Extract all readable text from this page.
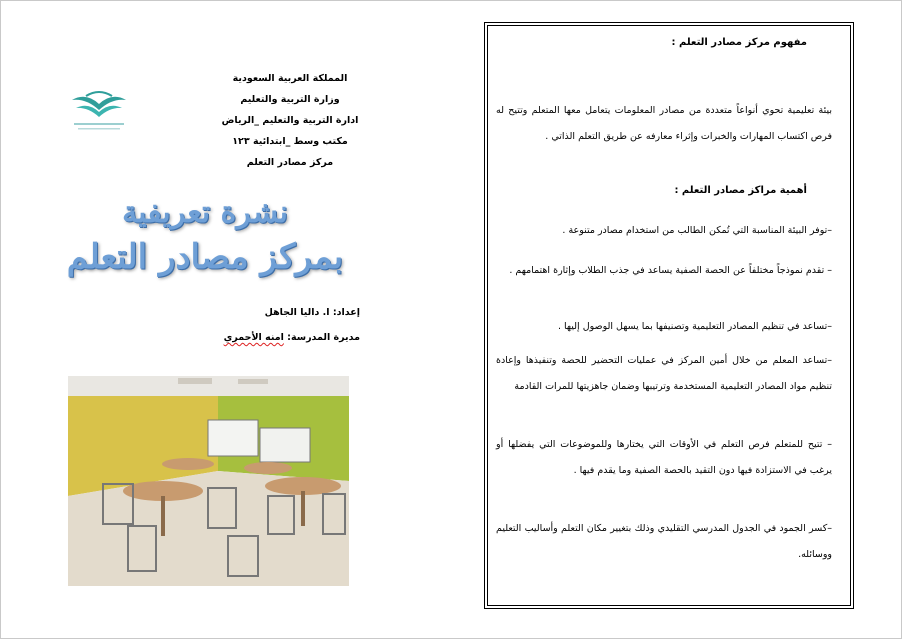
المملكة العربية السعودية
وزارة التربية والتعليم
ادارة التربية والتعليم _الرياض
مكتب وسط _ابتدائية ١٢٣
مركز مصادر التعلم
نشرة تعريفية
بمركز مصادر التعلم
إعداد: ا. داليا الجاهل
مديرة المدرسة: امنه الأحمري
مفهوم مركز مصادر التعلم :
بيئة تعليمية تحوي أنواعاً متعددة من مصادر المعلومات يتعامل معها المتعلم وتتيح له فرص اكتساب المهارات والخبرات وإثراء معارفه عن طريق التعلم الذاتي .
أهمية مراكز مصادر التعلم :
–توفر البيئة المناسبة التي تُمكن الطالب من استخدام مصادر متنوعة .
– تقدم نموذجاً مختلفاً عن الحصة الصفية يساعد في جذب الطلاب وإثارة اهتمامهم .
–تساعد في تنظيم المصادر التعليمية وتصنيفها بما يسهل الوصول إليها .
–تساعد المعلم من خلال أمين المركز في عمليات التحضير للحصة وتنفيذها وإعادة تنظيم مواد المصادر التعليمية المستخدمة وترتيبها وضمان جاهزيتها للمرات القادمة
– تتيح للمتعلم فرص التعلم في الأوقات التي يختارها وللموضوعات التي يفضلها أو يرغب في الاستزادة فيها دون التقيد بالحصة الصفية وما يقدم فيها .
–كسر الجمود في الجدول المدرسي التقليدي وذلك بتغيير مكان التعلم وأساليب التعليم ووسائله.
